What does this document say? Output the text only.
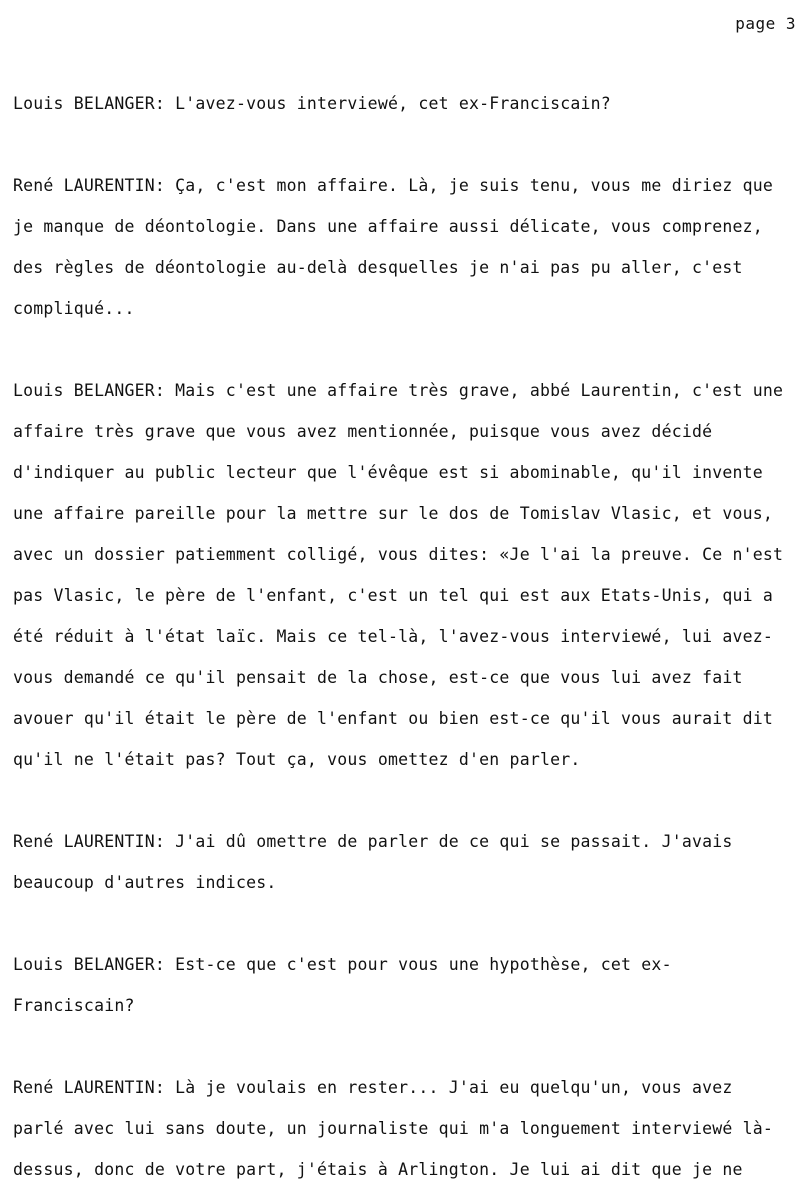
page 3
Louis BELANGER: L'avez-vous interviewé, cet ex-Franciscain?
René LAURENTIN: Ça, c'est mon affaire. Là, je suis tenu, vous me diriez que
je manque de déontologie. Dans une affaire aussi délicate, vous comprenez,
des règles de déontologie au-delà desquelles je n'ai pas pu aller, c'est
compliqué...
Louis BELANGER: Mais c'est une affaire très grave, abbé Laurentin, c'est une
affaire très grave que vous avez mentionnée, puisque vous avez décidé
d'indiquer au public lecteur que l'évêque est si abominable, qu'il invente
une affaire pareille pour la mettre sur le dos de Tomislav Vlasic, et vous,
avec un dossier patiemment colligé, vous dites: «Je l'ai la preuve. Ce n'est
pas Vlasic, le père de l'enfant, c'est un tel qui est aux Etats-Unis, qui a
été réduit à l'état laïc. Mais ce tel-là, l'avez-vous interviewé, lui avez-
vous demandé ce qu'il pensait de la chose, est-ce que vous lui avez fait
avouer qu'il était le père de l'enfant ou bien est-ce qu'il vous aurait dit
qu'il ne l'était pas? Tout ça, vous omettez d'en parler.
René LAURENTIN: J'ai dû omettre de parler de ce qui se passait. J'avais
beaucoup d'autres indices.
Louis BELANGER: Est-ce que c'est pour vous une hypothèse, cet ex-
Franciscain?
René LAURENTIN: Là je voulais en rester... J'ai eu quelqu'un, vous avez
parlé avec lui sans doute, un journaliste qui m'a longuement interviewé là-
dessus, donc de votre part, j'étais à Arlington. Je lui ai dit que je ne
